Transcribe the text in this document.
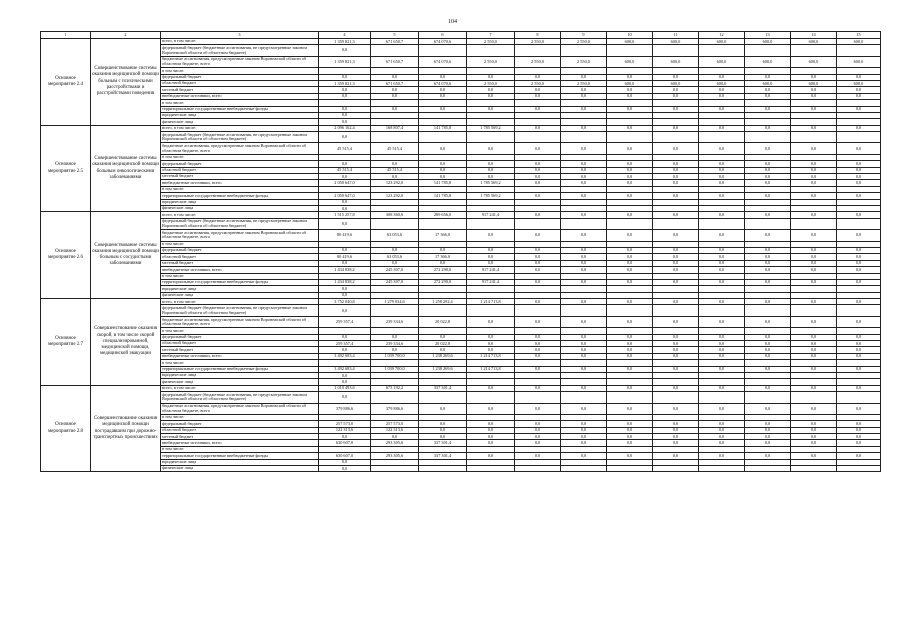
104
1	2	3	4	5	6	7	8	9	10	11	12	13	14	15
Основное мероприятие 2.4	Совершенствование системы оказания медицинской помощи больным с психическими расстройствами и расстройствами поведения	всего, в том числе:	1 359 821,3	671 650,7	674 070,6	2 550,0	2 550,0	2 550,0	600,0	600,0	600,0	600,0	600,0	600,0
		федеральный бюджет (бюджетные ассигнования, не предусмотренные законом Воронежской области об областном бюджете)	0,0											
		бюджетные ассигнования, предусмотренные законом Воронежской области об областном бюджете, всего	1 359 821,3	671 650,7	674 070,6	2 550,0	2 550,0	2 550,0	600,0	600,0	600,0	600,0	600,0	600,0
		в том числе:												
		федеральный бюджет	0,0	0,0	0,0	0,0	0,0	0,0	0,0	0,0	0,0	0,0	0,0	0,0
		областной бюджет	1 359 821,3	671 650,7	674 070,6	2 550,0	2 550,0	2 550,0	600,0	600,0	600,0	600,0	600,0	600,0
		местный бюджет	0,0	0,0	0,0	0,0	0,0	0,0	0,0	0,0	0,0	0,0	0,0	0,0
		внебюджетные источники, всего	0,0	0,0	0,0	0,0	0,0	0,0	0,0	0,0	0,0	0,0	0,0	0,0
		в том числе:												
		территориальные государственные внебюджетные фонды	0,0	0,0	0,0	0,0	0,0	0,0	0,0	0,0	0,0	0,0	0,0	0,0
		юридические лица	0,0											
		физические лица	0,0											
Основное мероприятие 2.5	Совершенствование системы оказания медицинской помощи больным онкологическими заболеваниями	всего, в том числе:	2 096 162,4	168 807,4	141 785,8	1 785 569,2	0,0	0,0	0,0	0,0	0,0	0,0	0,0	0,0
		федеральный бюджет (бюджетные ассигнования, не предусмотренные законом Воронежской области об областном бюджете)	0,0											
		бюджетные ассигнования, предусмотренные законом Воронежской области об областном бюджете, всего	45 515,4	45 515,4	0,0	0,0	0,0	0,0	0,0	0,0	0,0	0,0	0,0	0,0
		в том числе:												
		федеральный бюджет	0,0	0,0	0,0	0,0	0,0	0,0	0,0	0,0	0,0	0,0	0,0	0,0
		областной бюджет	45 515,4	45 515,4	0,0	0,0	0,0	0,0	0,0	0,0	0,0	0,0	0,0	0,0
		местный бюджет	0,0	0,0	0,0	0,0	0,0	0,0	0,0	0,0	0,0	0,0	0,0	0,0
		внебюджетные источники, всего	2 050 647,0	123 292,0	141 785,8	1 785 569,2	0,0	0,0	0,0	0,0	0,0	0,0	0,0	0,0
		в том числе:												
		территориальные государственные внебюджетные фонды	2 050 647,0	123 292,0	141 785,8	1 785 569,2	0,0	0,0	0,0	0,0	0,0	0,0	0,0	0,0
		юридические лица	0,0											
		физические лица	0,0											
Основное мероприятие 2.6	Совершенствование системы оказания медицинской помощи больным с сосудистыми заболеваниями	всего, в том числе:	1 515 257,8	308 360,6	289 656,0	917 241,4	0,0	0,0	0,0	0,0	0,0	0,0	0,0	0,0
		федеральный бюджет (бюджетные ассигнования, не предусмотренные законом Воронежской области об областном бюджете)	0,0											
		бюджетные ассигнования, предусмотренные законом Воронежской области об областном бюджете, всего	80 419,6	63 053,6	17 366,0	0,0	0,0	0,0	0,0	0,0	0,0	0,0	0,0	0,0
		в том числе:												
		федеральный бюджет	0,0	0,0	0,0	0,0	0,0	0,0	0,0	0,0	0,0	0,0	0,0	0,0
		областной бюджет	80 419,6	63 053,6	17 366,0	0,0	0,0	0,0	0,0	0,0	0,0	0,0	0,0	0,0
		местный бюджет	0,0	0,0	0,0	0,0	0,0	0,0	0,0	0,0	0,0	0,0	0,0	0,0
		внебюджетные источники, всего	1 434 838,2	245 307,0	272 290,0	917 241,4	0,0	0,0	0,0	0,0	0,0	0,0	0,0	0,0
		в том числе:												
		территориальные государственные внебюджетные фонды	1 434 838,2	245 307,0	272 290,0	917 241,4	0,0	0,0	0,0	0,0	0,0	0,0	0,0	0,0
		юридические лица	0,0											
		физические лица	0,0											
Основное мероприятие 2.7	Совершенствование оказания скорой, в том числе скорой специализированной, медицинской помощи, медицинской эвакуации	всего, в том числе:	3 752 040,8	1 279 034,6	1 258 292,4	1 214 713,8	0,0	0,0	0,0	0,0	0,0	0,0	0,0	0,0
		федеральный бюджет (бюджетные ассигнования, не предусмотренные законом Воронежской области об областном бюджете)	0,0											
		бюджетные ассигнования, предусмотренные законом Воронежской области об областном бюджете, всего	259 357,4	239 334,6	20 022,8	0,0	0,0	0,0	0,0	0,0	0,0	0,0	0,0	0,0
		в том числе:												
		федеральный бюджет	0,0	0,0	0,0	0,0	0,0	0,0	0,0	0,0	0,0	0,0	0,0	0,0
		областной бюджет	259 357,4	239 334,6	20 022,8	0,0	0,0	0,0	0,0	0,0	0,0	0,0	0,0	0,0
		местный бюджет	0,0	0,0	0,0	0,0	0,0	0,0	0,0	0,0	0,0	0,0	0,0	0,0
		внебюджетные источники, всего	3 492 683,4	1 039 700,0	1 238 269,6	1 214 713,8	0,0	0,0	0,0	0,0	0,0	0,0	0,0	0,0
		в том числе:												
		территориальные государственные внебюджетные фонды	3 492 683,4	1 039 700,0	1 238 269,6	1 214 713,8	0,0	0,0	0,0	0,0	0,0	0,0	0,0	0,0
		юридические лица	0,0											
		физические лица	0,0											
Основное мероприятие 2.8	Совершенствование оказания медицинской помощи пострадавшим при дорожно-транспортных происшествиях	всего, в том числе:	1 010 493,6	673 192,2	337 301,4	0,0	0,0	0,0	0,0	0,0	0,0	0,0	0,0	0,0
		федеральный бюджет (бюджетные ассигнования, не предусмотренные законом Воронежской области об областном бюджете)	0,0											
		бюджетные ассигнования, предусмотренные законом Воронежской области об областном бюджете, всего	379 886,6	379 886,6	0,0	0,0	0,0	0,0	0,0	0,0	0,0	0,0	0,0	0,0
		в том числе:												
		федеральный бюджет	257 573,0	257 573,0	0,0	0,0	0,0	0,0	0,0	0,0	0,0	0,0	0,0	0,0
		областной бюджет	122 313,6	122 313,6	0,0	0,0	0,0	0,0	0,0	0,0	0,0	0,0	0,0	0,0
		местный бюджет	0,0	0,0	0,0	0,0	0,0	0,0	0,0	0,0	0,0	0,0	0,0	0,0
		внебюджетные источники, всего	630 607,0	293 305,6	337 301,4	0,0	0,0	0,0	0,0	0,0	0,0	0,0	0,0	0,0
		в том числе:												
		территориальные государственные внебюджетные фонды	630 607,0	293 305,6	337 301,4	0,0	0,0	0,0	0,0	0,0	0,0	0,0	0,0	0,0
		юридические лица	0,0											
		физические лица	0,0											
